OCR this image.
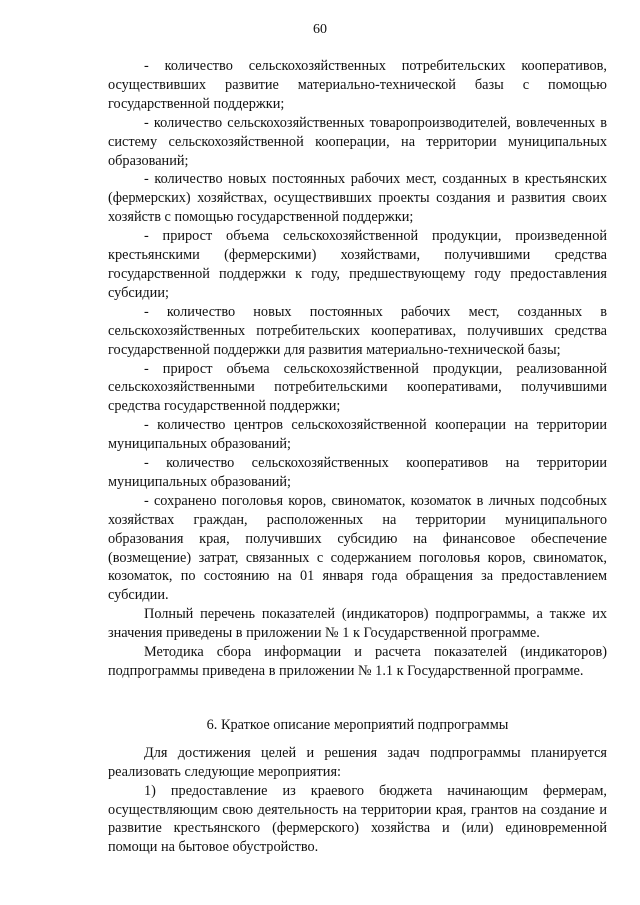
60

- количество сельскохозяйственных потребительских кооперативов, осуществивших развитие материально-технической базы с помощью государственной поддержки;

- количество сельскохозяйственных товаропроизводителей, вовлеченных в систему сельскохозяйственной кооперации, на территории муниципальных образований;

- количество новых постоянных рабочих мест, созданных в крестьянских (фермерских) хозяйствах, осуществивших проекты создания и развития своих хозяйств с помощью государственной поддержки;

- прирост объема сельскохозяйственной продукции, произведенной крестьянскими (фермерскими) хозяйствами, получившими средства государственной поддержки к году, предшествующему году предоставления субсидии;

- количество новых постоянных рабочих мест, созданных в сельскохозяйственных потребительских кооперативах, получивших средства государственной поддержки для развития материально-технической базы;

- прирост объема сельскохозяйственной продукции, реализованной сельскохозяйственными потребительскими кооперативами, получившими средства государственной поддержки;

- количество центров сельскохозяйственной кооперации на территории муниципальных образований;

- количество сельскохозяйственных кооперативов на территории муниципальных образований;

- сохранено поголовья коров, свиноматок, козоматок в личных подсобных хозяйствах граждан, расположенных на территории муниципального образования края, получивших субсидию на финансовое обеспечение (возмещение) затрат, связанных с содержанием поголовья коров, свиноматок, козоматок, по состоянию на 01 января года обращения за предоставлением субсидии.

Полный перечень показателей (индикаторов) подпрограммы, а также их значения приведены в приложении № 1 к Государственной программе.

Методика сбора информации и расчета показателей (индикаторов) подпрограммы приведена в приложении № 1.1 к Государственной программе.

6. Краткое описание мероприятий подпрограммы

Для достижения целей и решения задач подпрограммы планируется реализовать следующие мероприятия:

1) предоставление из краевого бюджета начинающим фермерам, осуществляющим свою деятельность на территории края, грантов на создание и развитие крестьянского (фермерского) хозяйства и (или) единовременной помощи на бытовое обустройство.
